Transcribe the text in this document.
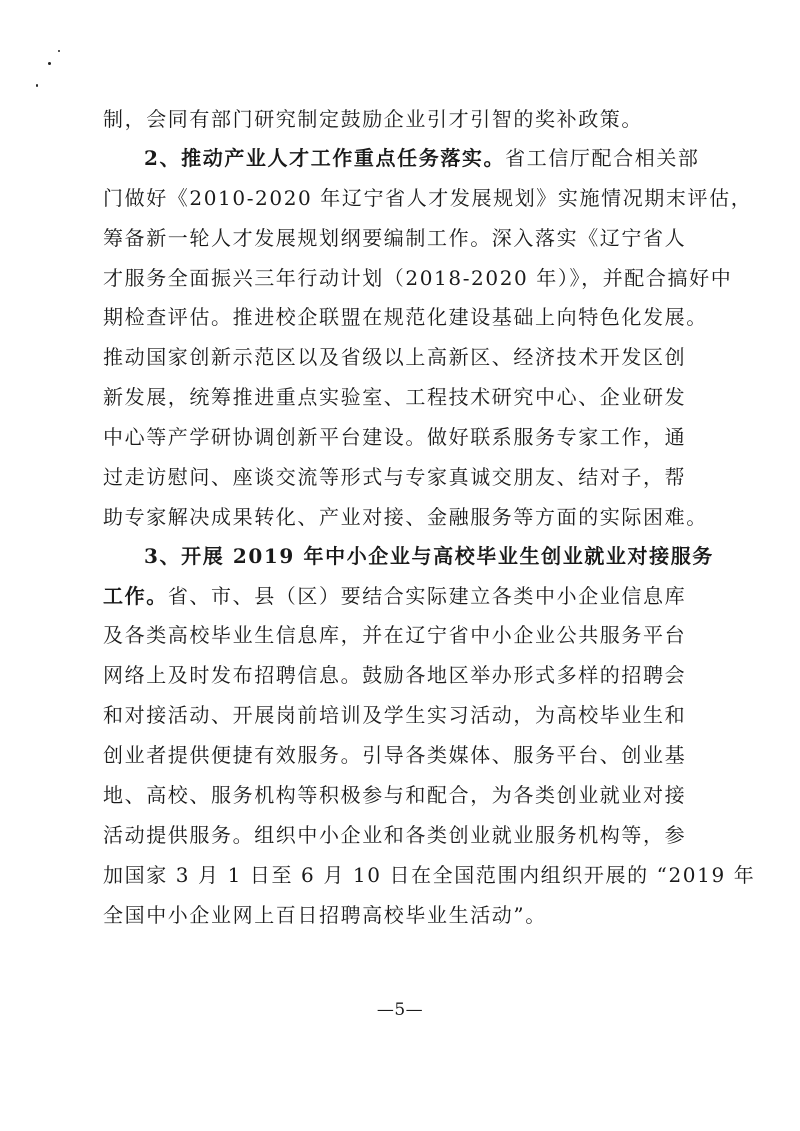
制，会同有部门研究制定鼓励企业引才引智的奖补政策。
2、推动产业人才工作重点任务落实。省工信厅配合相关部
门做好《2010-2020 年辽宁省人才发展规划》实施情况期末评估，
筹备新一轮人才发展规划纲要编制工作。深入落实《辽宁省人
才服务全面振兴三年行动计划（2018-2020 年）》，并配合搞好中
期检查评估。推进校企联盟在规范化建设基础上向特色化发展。
推动国家创新示范区以及省级以上高新区、经济技术开发区创
新发展，统筹推进重点实验室、工程技术研究中心、企业研发
中心等产学研协调创新平台建设。做好联系服务专家工作，通
过走访慰问、座谈交流等形式与专家真诚交朋友、结对子，帮
助专家解决成果转化、产业对接、金融服务等方面的实际困难。
3、开展 2019 年中小企业与高校毕业生创业就业对接服务
工作。省、市、县（区）要结合实际建立各类中小企业信息库
及各类高校毕业生信息库，并在辽宁省中小企业公共服务平台
网络上及时发布招聘信息。鼓励各地区举办形式多样的招聘会
和对接活动、开展岗前培训及学生实习活动，为高校毕业生和
创业者提供便捷有效服务。引导各类媒体、服务平台、创业基
地、高校、服务机构等积极参与和配合，为各类创业就业对接
活动提供服务。组织中小企业和各类创业就业服务机构等，参
加国家 3 月 1 日至 6 月 10 日在全国范围内组织开展的 “2019 年
全国中小企业网上百日招聘高校毕业生活动”。
—5—
